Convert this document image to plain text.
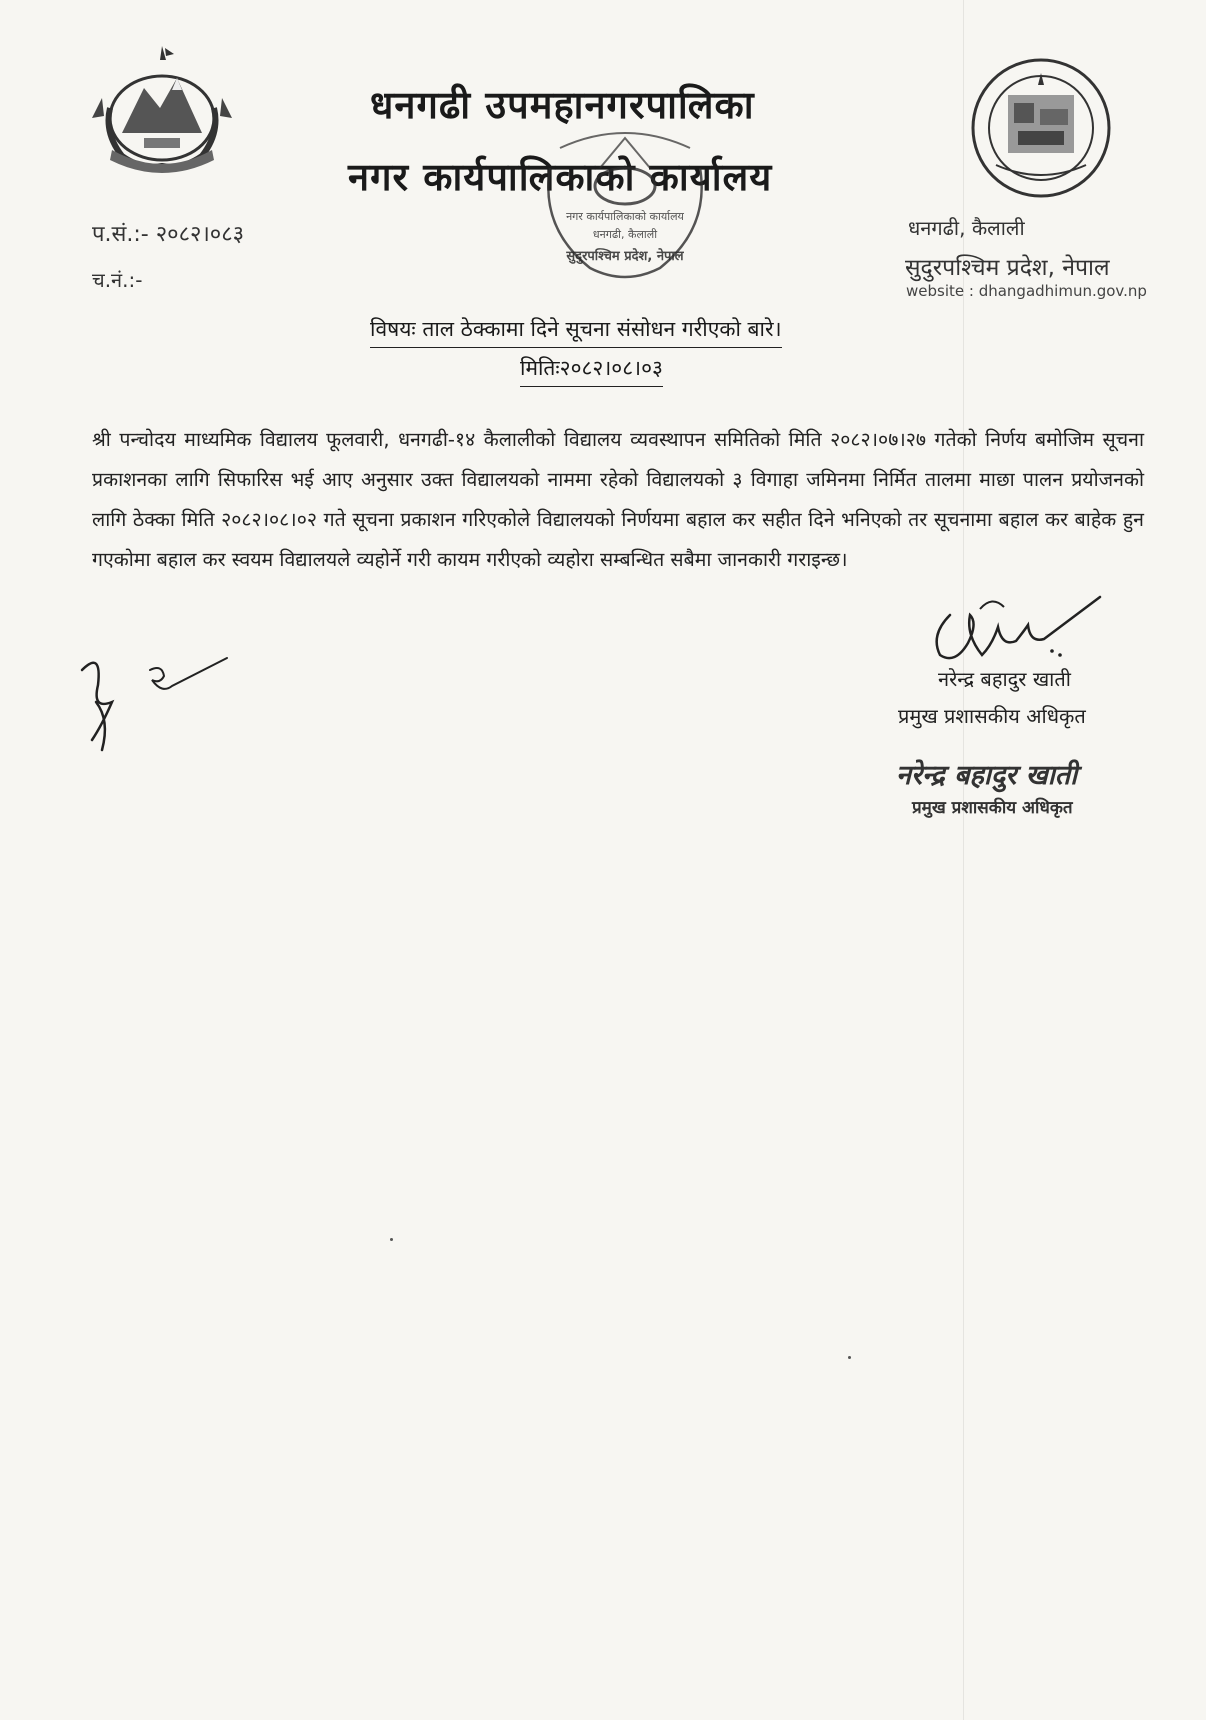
धनगढी उपमहानगरपालिका
नगर कार्यपालिकाको कार्यालय
नगर कार्यपालिकाको कार्यालय
धनगढी, कैलाली
सुदुरपश्चिम प्रदेश, नेपाल
प.सं.:- २०८२।०८३
च.नं.:-
धनगढी, कैलाली
सुदुरपश्चिम प्रदेश, नेपाल
website : dhangadhimun.gov.np
विषयः ताल ठेक्कामा दिने सूचना संसोधन गरीएको बारे।
मितिः२०८२।०८।०३
श्री पन्चोदय माध्यमिक विद्यालय फूलवारी, धनगढी-१४ कैलालीको विद्यालय व्यवस्थापन समितिको मिति २०८२।०७।२७ गतेको निर्णय बमोजिम सूचना प्रकाशनका लागि सिफारिस भई आए अनुसार उक्त विद्यालयको नाममा रहेको विद्यालयको ३ विगाहा जमिनमा निर्मित तालमा माछा पालन प्रयोजनको लागि ठेक्का मिति २०८२।०८।०२ गते सूचना प्रकाशन गरिएकोले विद्यालयको निर्णयमा बहाल कर सहीत दिने भनिएको तर सूचनामा बहाल कर बाहेक हुन गएकोमा बहाल कर स्वयम विद्यालयले व्यहोर्ने गरी कायम गरीएको व्यहोरा सम्बन्धित सबैमा जानकारी गराइन्छ।
नरेन्द्र बहादुर खाती
प्रमुख प्रशासकीय अधिकृत
नरेन्द्र बहादुर खाती
प्रमुख प्रशासकीय अधिकृत
